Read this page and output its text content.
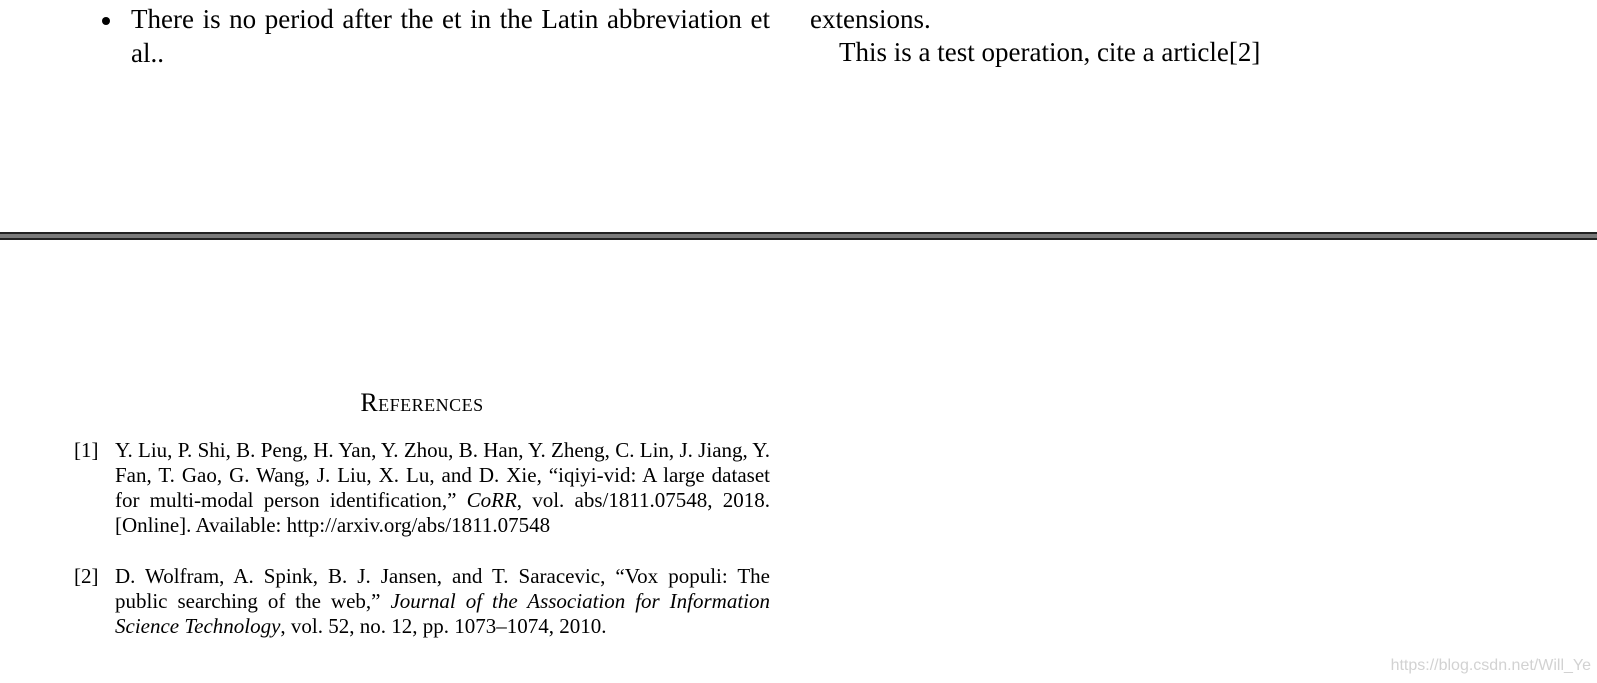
There is no period after the et in the Latin abbreviation et al..
extensions.
This is a test operation, cite a article[2]
References
[1] Y. Liu, P. Shi, B. Peng, H. Yan, Y. Zhou, B. Han, Y. Zheng, C. Lin, J. Jiang, Y. Fan, T. Gao, G. Wang, J. Liu, X. Lu, and D. Xie, “iqiyi-vid: A large dataset for multi-modal person identification,” CoRR, vol. abs/1811.07548, 2018. [Online]. Available: http://arxiv.org/abs/1811.07548
[2] D. Wolfram, A. Spink, B. J. Jansen, and T. Saracevic, “Vox populi: The public searching of the web,” Journal of the Association for Information Science Technology, vol. 52, no. 12, pp. 1073–1074, 2010.
https://blog.csdn.net/Will_Ye
